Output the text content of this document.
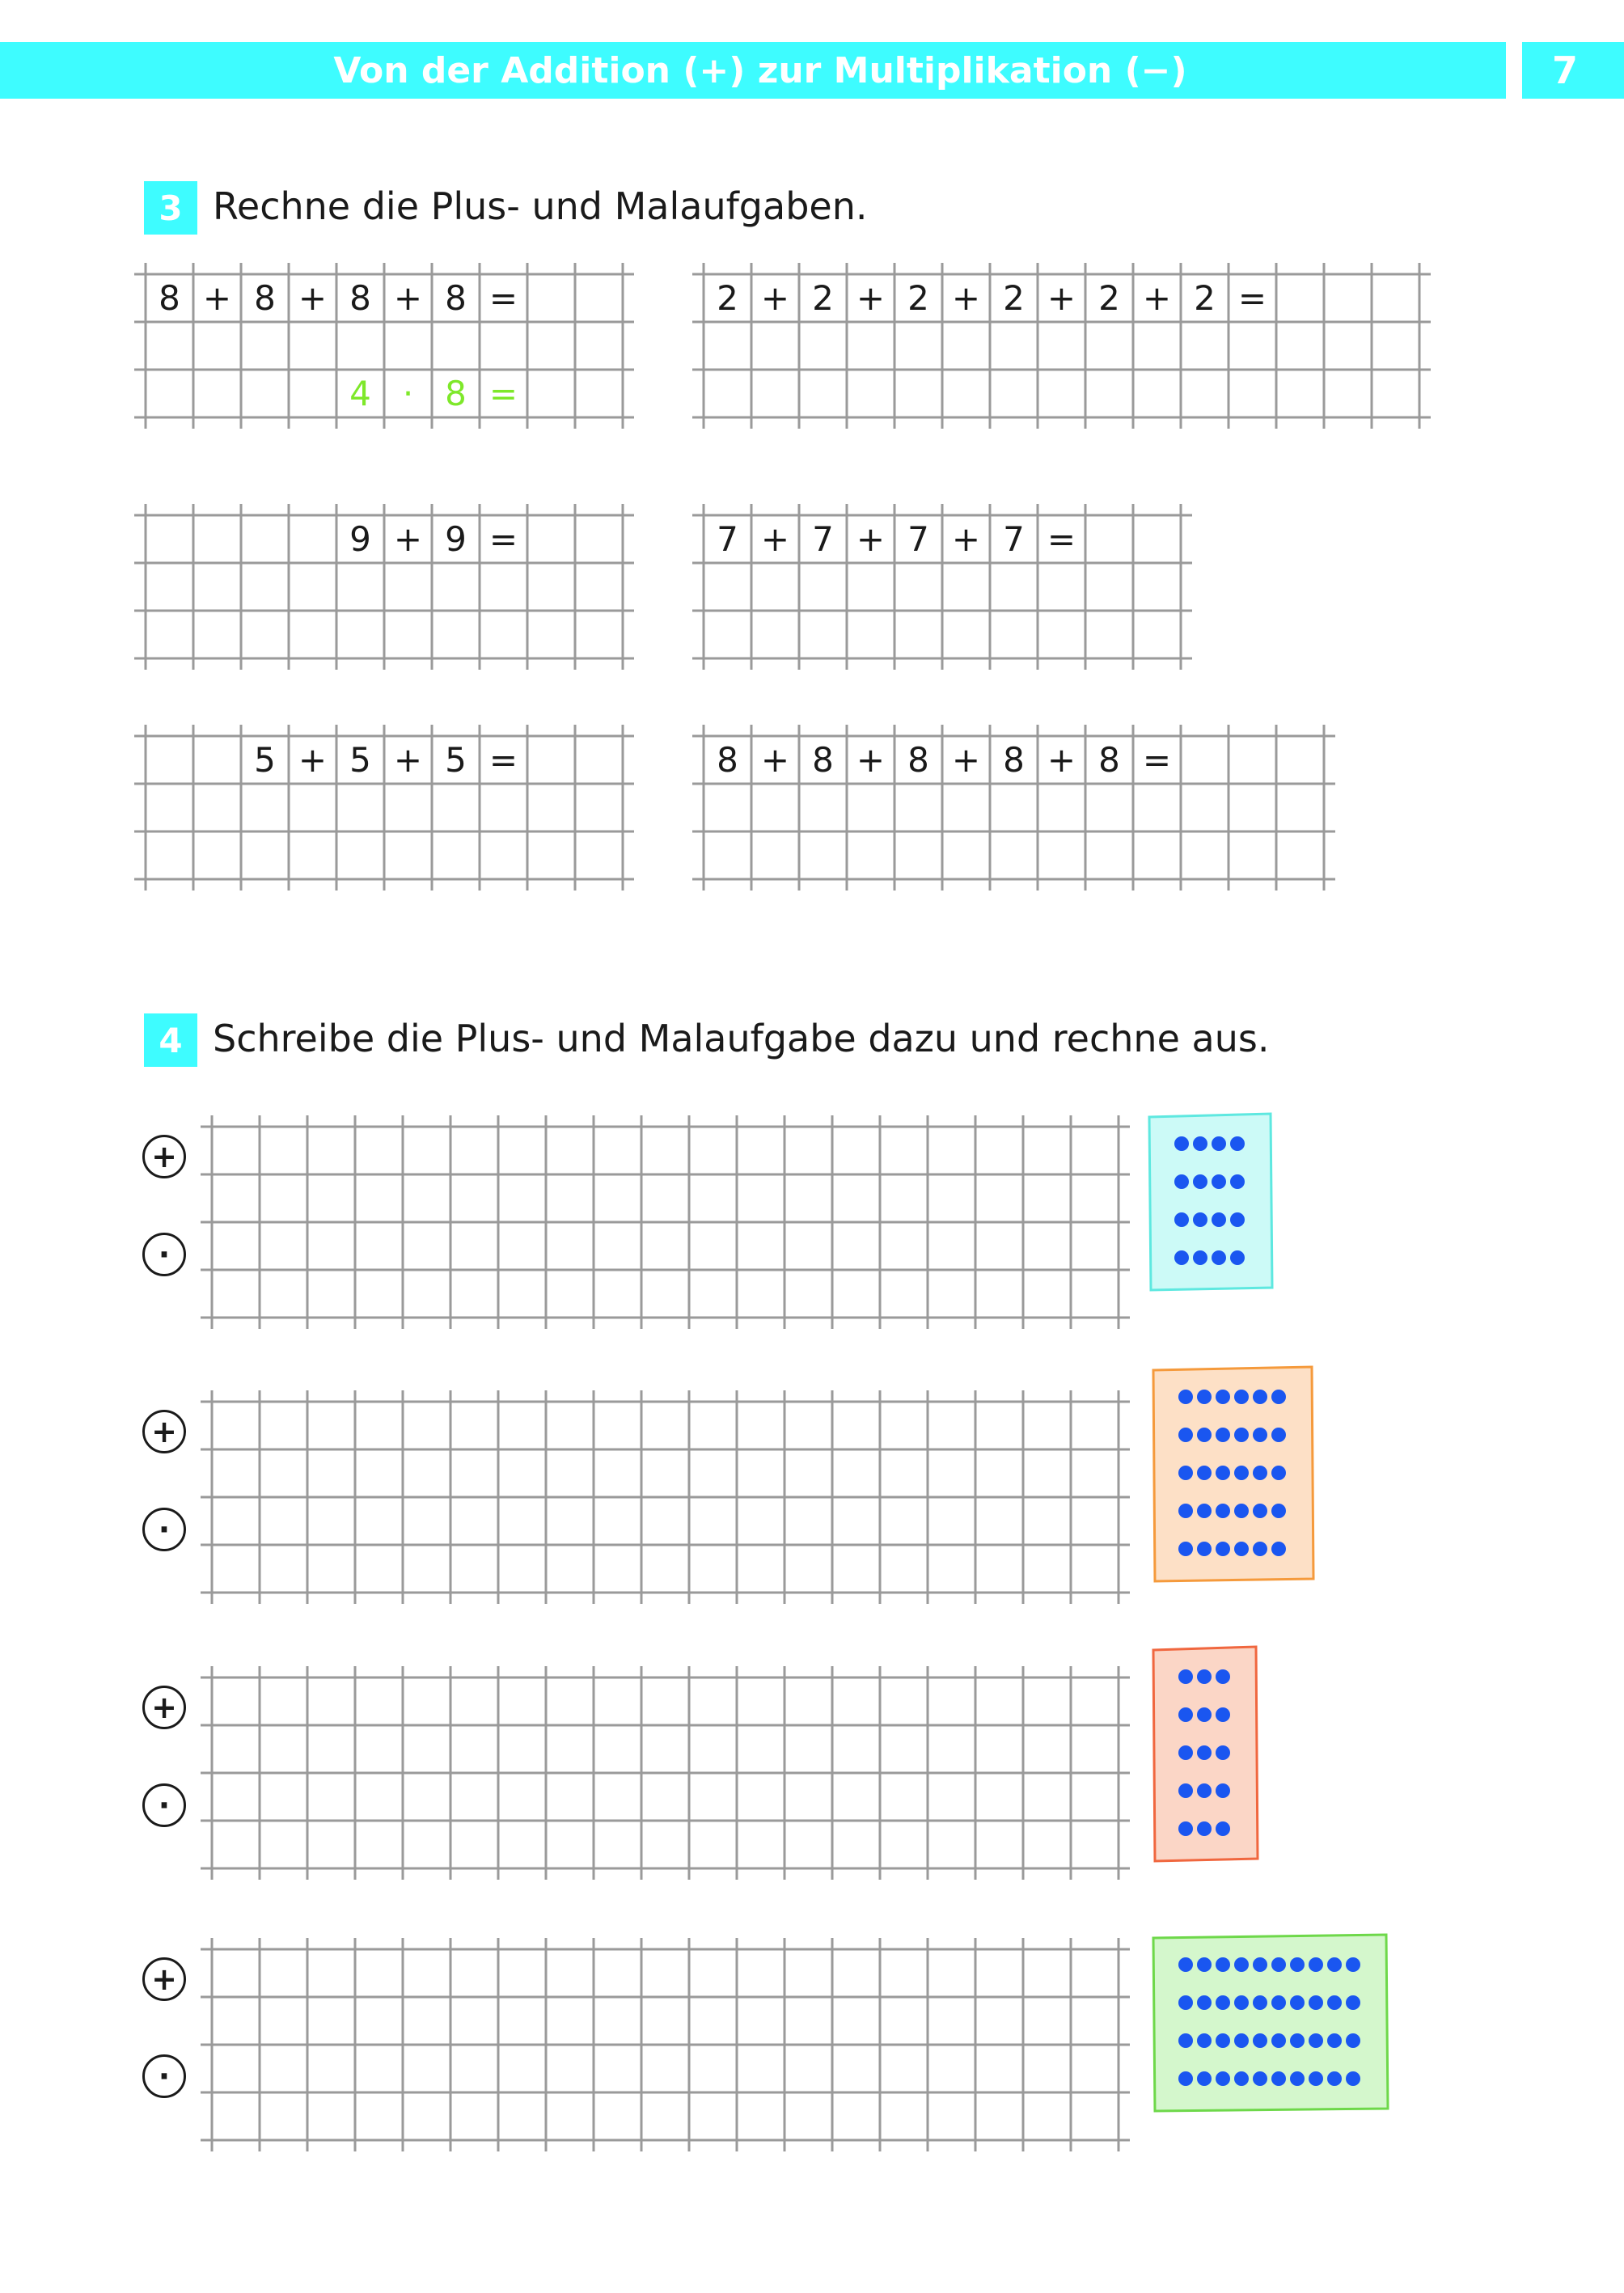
Von der Addition (+) zur Multiplikation (−)	7
3 Rechne die Plus- und Malaufgaben.
8 + 8 + 8 + 8 =
4 · 8 =
2 + 2 + 2 + 2 + 2 + 2 =
9 + 9 =	7 + 7 + 7 + 7 =
5 + 5 + 5 =	8 + 8 + 8 + 8 + 8 =
4 Schreibe die Plus- und Malaufgabe dazu und rechne aus.
+
·
+
·
+
·
+
·
